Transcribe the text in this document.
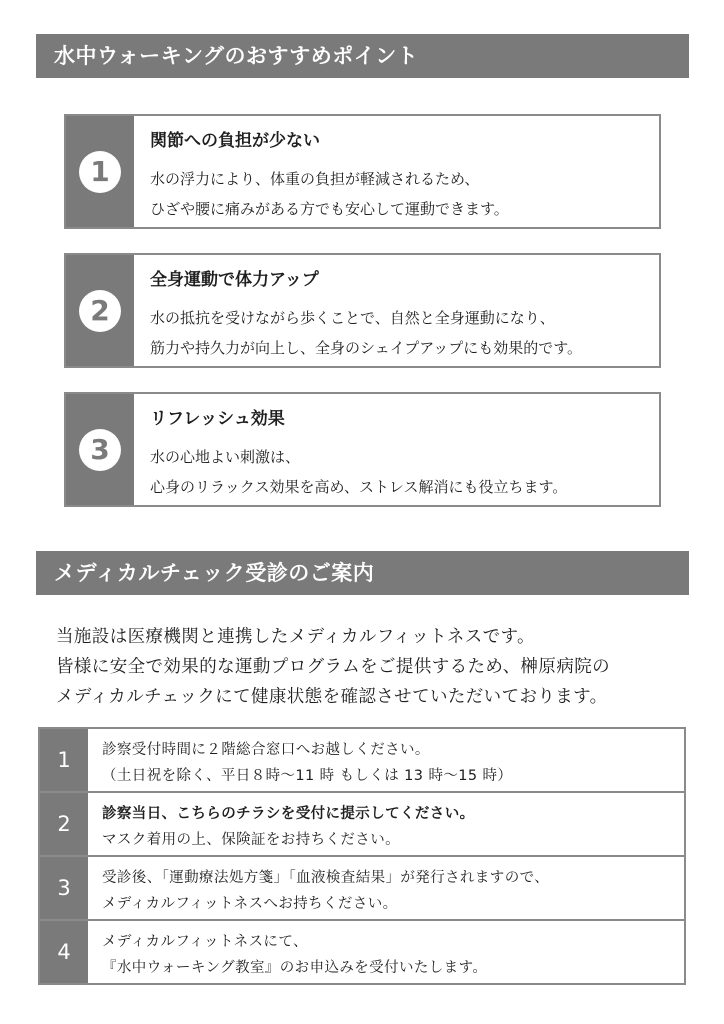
水中ウォーキングのおすすめポイント
1
関節への負担が少ない
水の浮力により、体重の負担が軽減されるため、
ひざや腰に痛みがある方でも安心して運動できます。
2
全身運動で体力アップ
水の抵抗を受けながら歩くことで、自然と全身運動になり、
筋力や持久力が向上し、全身のシェイプアップにも効果的です。
3
リフレッシュ効果
水の心地よい刺激は、
心身のリラックス効果を高め、ストレス解消にも役立ちます。
メディカルチェック受診のご案内
当施設は医療機関と連携したメディカルフィットネスです。
皆様に安全で効果的な運動プログラムをご提供するため、榊原病院の
メディカルチェックにて健康状態を確認させていただいております。
1	診察受付時間に２階総合窓口へお越しください。
（土日祝を除く、平日８時～11 時 もしくは 13 時～15 時）
2	診察当日、こちらのチラシを受付に提示してください。
マスク着用の上、保険証をお持ちください。
3	受診後、「運動療法処方箋」「血液検査結果」が発行されますので、
メディカルフィットネスへお持ちください。
4	メディカルフィットネスにて、
『水中ウォーキング教室』のお申込みを受付いたします。
